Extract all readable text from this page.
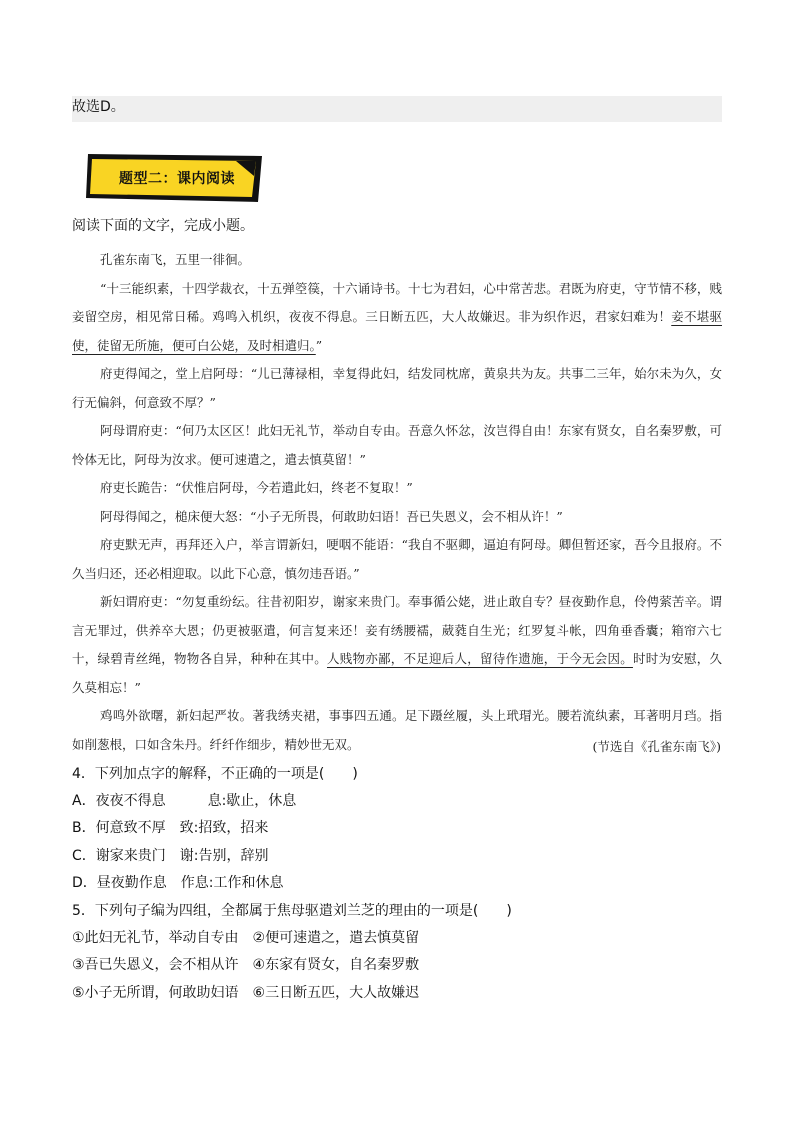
故选D。
题型二：课内阅读
阅读下面的文字，完成小题。

孔雀东南飞，五里一徘徊。

“十三能织素，十四学裁衣，十五弹箜篌，十六诵诗书。十七为君妇，心中常苦悲。君既为府吏，守节情不移，贱妾留空房，相见常日稀。鸡鸣入机织，夜夜不得息。三日断五匹，大人故嫌迟。非为织作迟，君家妇难为！妾不堪驱使，徒留无所施，便可白公姥，及时相遣归。”

府吏得闻之，堂上启阿母：“儿已薄禄相，幸复得此妇，结发同枕席，黄泉共为友。共事二三年，始尔未为久，女行无偏斜，何意致不厚？”

阿母谓府吏：“何乃太区区！此妇无礼节，举动自专由。吾意久怀忿，汝岂得自由！东家有贤女，自名秦罗敷，可怜体无比，阿母为汝求。便可速遣之，遣去慎莫留！”

府吏长跪告：“伏惟启阿母，今若遣此妇，终老不复取！”

阿母得闻之，槌床便大怒：“小子无所畏，何敢助妇语！吾已失恩义，会不相从许！”

府吏默无声，再拜还入户，举言谓新妇，哽咽不能语：“我自不驱卿，逼迫有阿母。卿但暂还家，吾今且报府。不久当归还，还必相迎取。以此下心意，慎勿违吾语。”

新妇谓府吏：“勿复重纷纭。往昔初阳岁，谢家来贵门。奉事循公姥，进止敢自专？昼夜勤作息，伶俜萦苦辛。谓言无罪过，供养卒大恩；仍更被驱遣，何言复来还！妾有绣腰襦，葳蕤自生光；红罗复斗帐，四角垂香囊；箱帘六七十，绿碧青丝绳，物物各自异，种种在其中。人贱物亦鄙，不足迎后人，留待作遗施，于今无会因。时时为安慰，久久莫相忘！”

鸡鸣外欲曙，新妇起严妆。著我绣夹裙，事事四五通。足下蹑丝履，头上玳瑁光。腰若流纨素，耳著明月珰。指如削葱根，口如含朱丹。纤纤作细步，精妙世无双。	(节选自《孔雀东南飞》)
4．下列加点字的解释，不正确的一项是(　　)
A．夜夜不得息　　　息:歇止，休息
B．何意致不厚　致:招致，招来
C．谢家来贵门　谢:告别，辞别
D．昼夜勤作息　作息:工作和休息
5．下列句子编为四组，全都属于焦母驱遣刘兰芝的理由的一项是(　　)
①此妇无礼节，举动自专由　②便可速遣之，遣去慎莫留
③吾已失恩义，会不相从许　④东家有贤女，自名秦罗敷
⑤小子无所谓，何敢助妇语　⑥三日断五匹，大人故嫌迟
